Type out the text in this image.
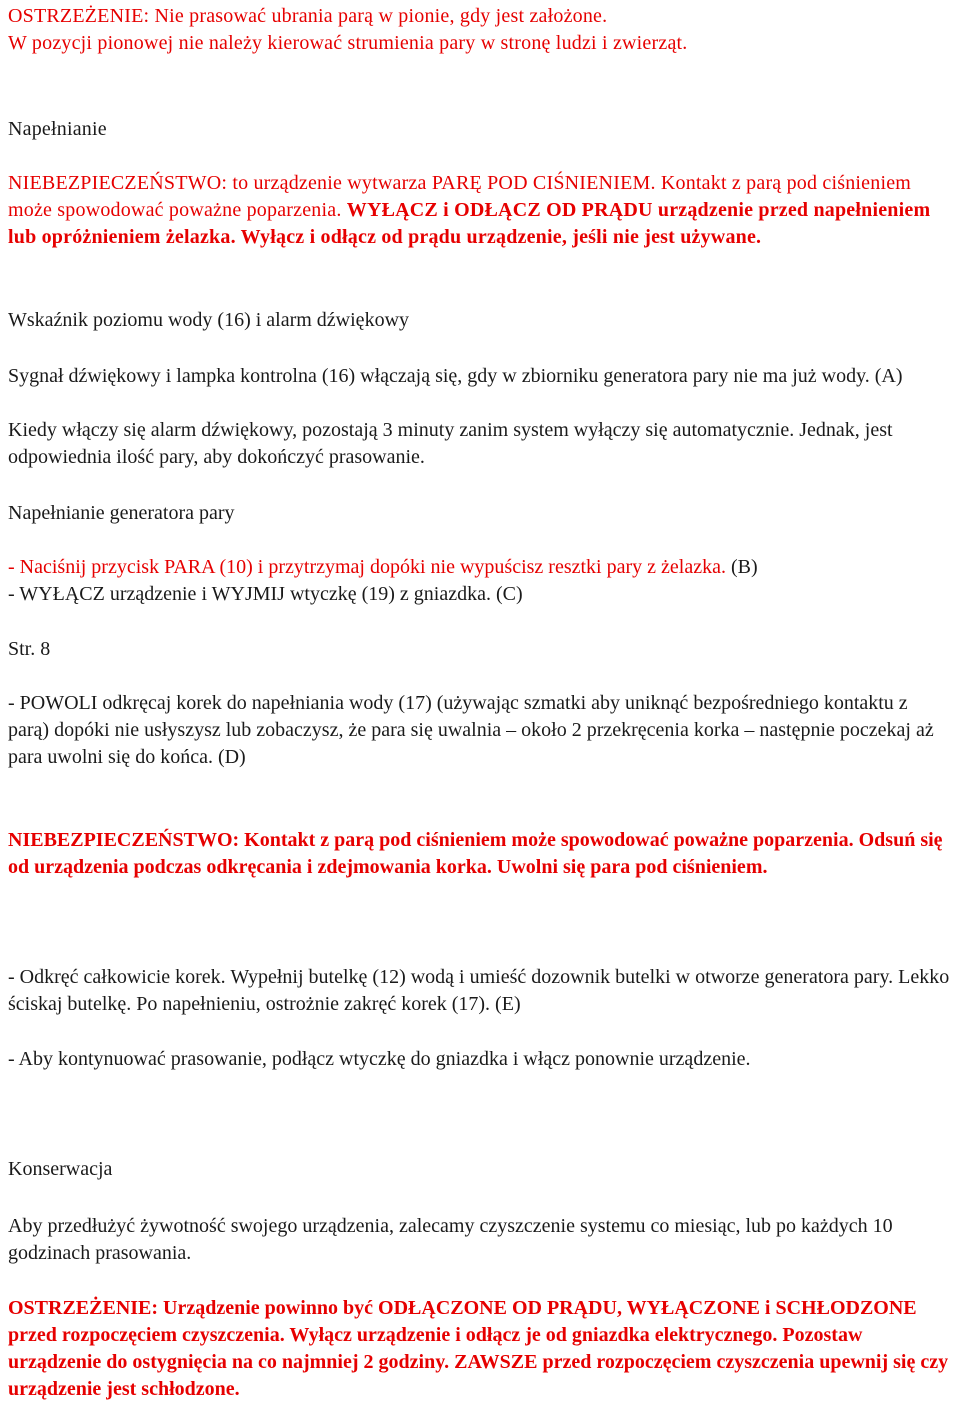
OSTRZEŻENIE: Nie prasować ubrania parą w pionie, gdy jest założone.
W pozycji pionowej nie należy kierować strumienia pary w stronę ludzi i zwierząt.
Napełnianie
NIEBEZPIECZEŃSTWO: to urządzenie wytwarza PARĘ POD CIŚNIENIEM. Kontakt z parą pod ciśnieniem może spowodować poważne poparzenia. WYŁĄCZ i ODŁĄCZ OD PRĄDU urządzenie przed napełnieniem lub opróżnieniem żelazka. Wyłącz i odłącz od prądu urządzenie, jeśli nie jest używane.
Wskaźnik poziomu wody (16) i alarm dźwiękowy
Sygnał dźwiękowy i lampka kontrolna (16) włączają się, gdy w zbiorniku generatora pary nie ma już wody. (A)
Kiedy włączy się alarm dźwiękowy, pozostają 3 minuty zanim system wyłączy się automatycznie. Jednak, jest odpowiednia ilość pary, aby dokończyć prasowanie.
Napełnianie generatora pary
- Naciśnij przycisk PARA (10) i przytrzymaj dopóki nie wypuścisz resztki pary z żelazka. (B)
- WYŁĄCZ urządzenie i WYJMIJ wtyczkę (19) z gniazdka. (C)
Str. 8
- POWOLI odkręcaj korek do napełniania wody (17) (używając szmatki aby uniknąć bezpośredniego kontaktu z parą) dopóki nie usłyszysz lub zobaczysz, że para się uwalnia – około 2 przekręcenia korka – następnie poczekaj aż para uwolni się do końca. (D)
NIEBEZPIECZEŃSTWO: Kontakt z parą pod ciśnieniem może spowodować poważne poparzenia. Odsuń się od urządzenia podczas odkręcania i zdejmowania korka. Uwolni się para pod ciśnieniem.
- Odkręć całkowicie korek. Wypełnij butelkę (12) wodą i umieść dozownik butelki w otworze generatora pary. Lekko ściskaj butelkę. Po napełnieniu, ostrożnie zakręć korek (17). (E)
- Aby kontynuować prasowanie, podłącz wtyczkę do gniazdka i włącz ponownie urządzenie.
Konserwacja
Aby przedłużyć żywotność swojego urządzenia, zalecamy czyszczenie systemu co miesiąc, lub po każdych 10 godzinach prasowania.
OSTRZEŻENIE: Urządzenie powinno być ODŁĄCZONE OD PRĄDU, WYŁĄCZONE i SCHŁODZONE przed rozpoczęciem czyszczenia. Wyłącz urządzenie i odłącz je od gniazdka elektrycznego. Pozostaw urządzenie do ostygnięcia na co najmniej 2 godziny. ZAWSZE przed rozpoczęciem czyszczenia upewnij się czy urządzenie jest schłodzone.
